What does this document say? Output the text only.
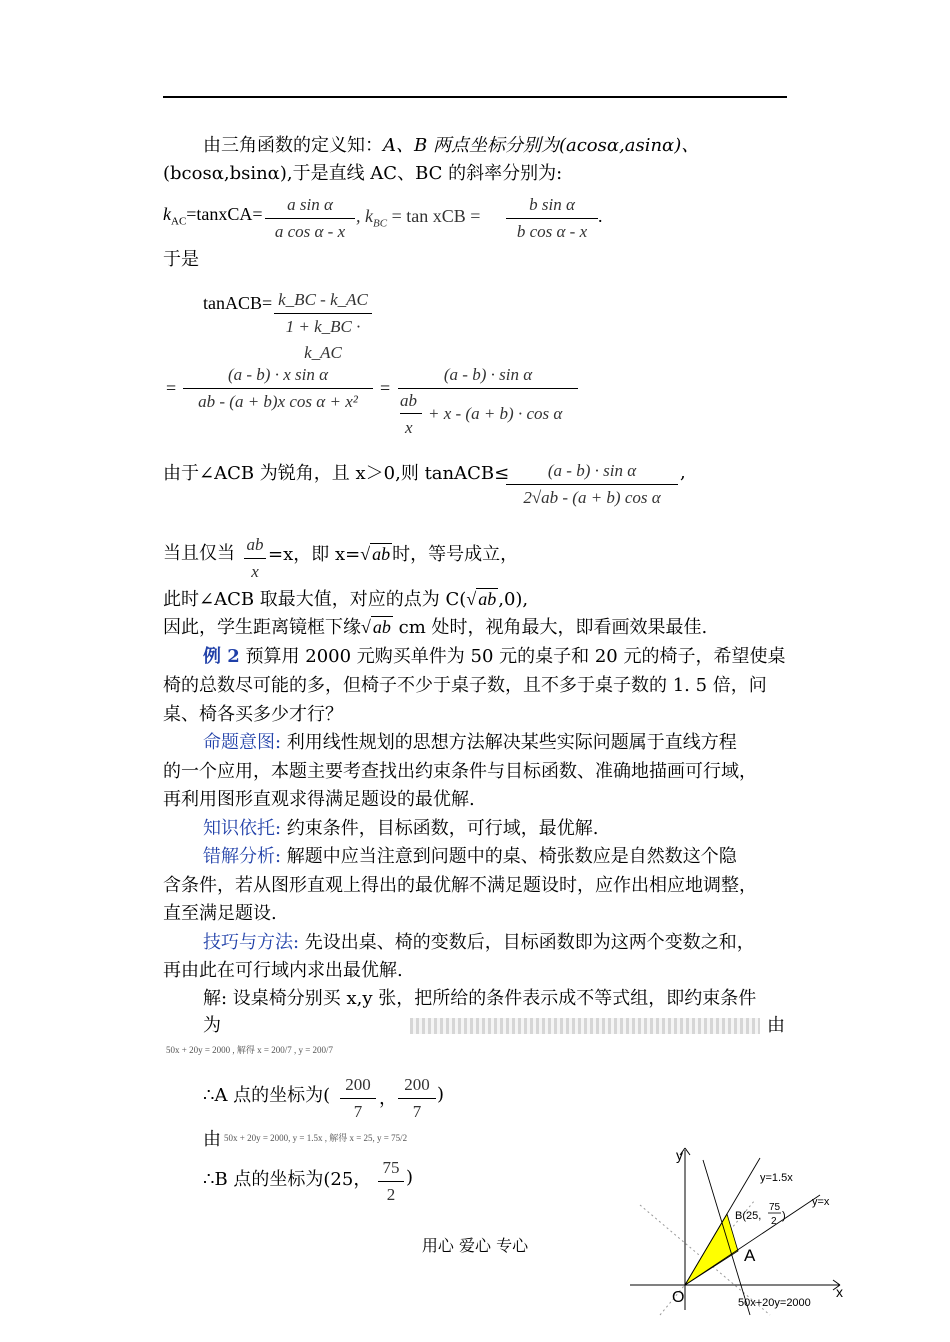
由三角函数的定义知：A、B 两点坐标分别为(acosα,asinα)、
(bcosα,bsinα),于是直线 AC、BC 的斜率分别为:
$k_{AC}=tanxCA=$	a sin α
a cos α - x
, $k_{BC} = \tan$ xCB =
b sin α
b cos α - x
.
于是
tanACB= k_BC - k_AC
1 + k_BC · k_AC
=
(a - b) · x sin α
ab - (a + b)x cos α + x²
=
(a - b) · sin α
ab
x
+ x - (a + b) · cos α
由于∠ACB 为锐角，且 x＞0,则 tanACB≤	(a - b) · sin α
2√ab - (a + b) cos α
,
当且仅当 ab
x
=x，即 x=√ ab 时，等号成立，
此时∠ACB 取最大值，对应的点为 C(√ ab ,0),
因此，学生距离镜框下缘√ ab cm 处时，视角最大，即看画效果最佳.
例 2 预算用 2000 元购买单件为 50 元的桌子和 20 元的椅子，希望使桌
椅的总数尽可能的多，但椅子不少于桌子数，且不多于桌子数的 1. 5 倍，问
桌、椅各买多少才行？
命题意图: 利用线性规划的思想方法解决某些实际问题属于直线方程
的一个应用，本题主要考查找出约束条件与目标函数、准确地描画可行域，
再利用图形直观求得满足题设的最优解.
知识依托: 约束条件，目标函数，可行域，最优解.
错解分析: 解题中应当注意到问题中的桌、椅张数应是自然数这个隐
含条件，若从图形直观上得出的最优解不满足题设时，应作出相应地调整，
直至满足题设.
技巧与方法: 先设出桌、椅的变数后，目标函数即为这两个变数之和，
再由此在可行域内求出最优解.
解: 设桌椅分别买 x,y 张，把所给的条件表示成不等式组，即约束条件
为	由
50x + 20y = 2000 , 解得 x = 200/7 , y = 200/7
∴A 点的坐标为(
200
7
，
200
7
)
由 50x + 20y = 2000, y = 1.5x , 解得 x = 25, y = 75/2
∴B 点的坐标为(25，
75
2
)
用心 爱心 专心
y
x
O
y=1.5x
y=x
50x+20y=2000
B(25,
75
2 )
A
